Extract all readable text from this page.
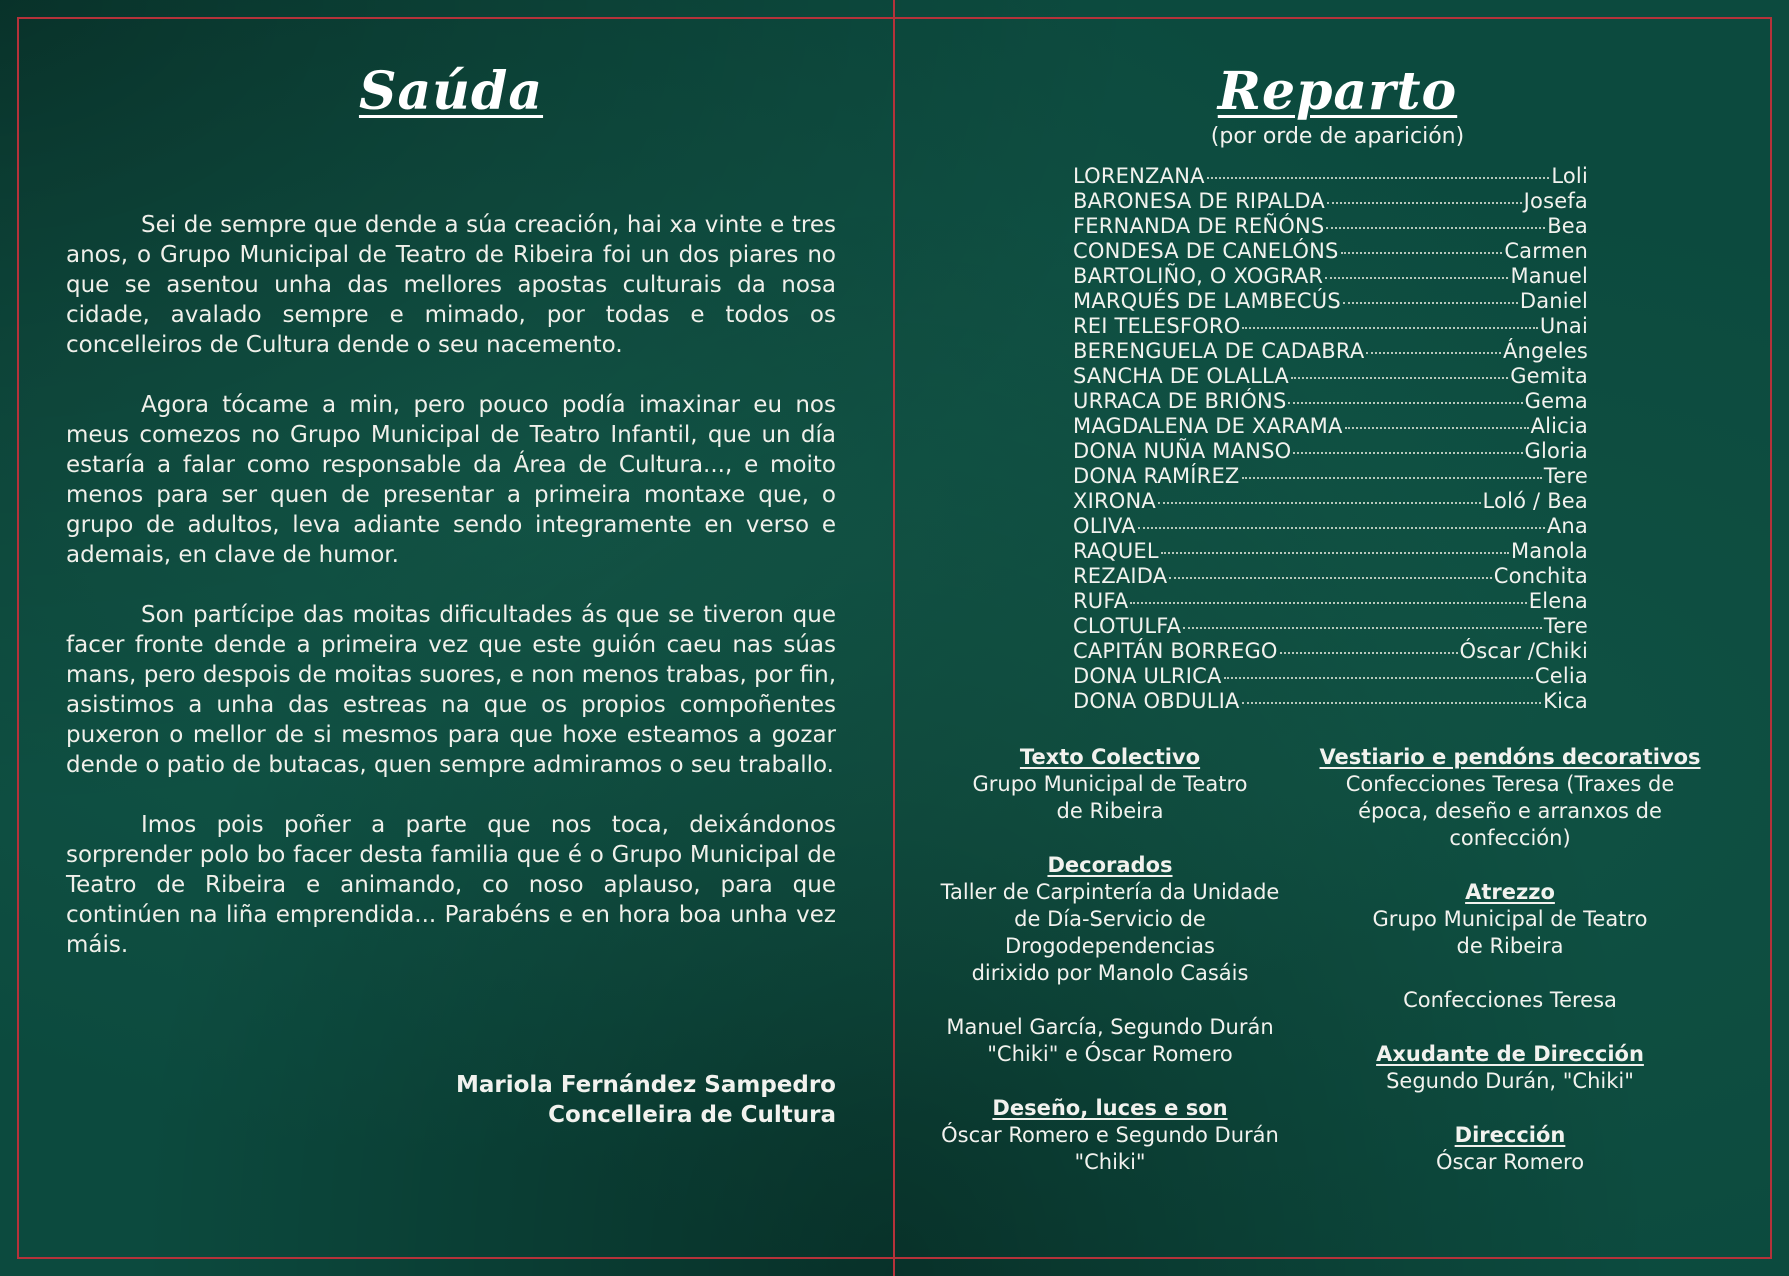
Saúda

Sei de sempre que dende a súa creación, hai xa vinte e tres anos, o Grupo Municipal de Teatro de Ribeira foi un dos piares no que se asentou unha das mellores apostas culturais da nosa cidade, avalado sempre e mimado, por todas e todos os concelleiros de Cultura dende o seu nacemento.

Agora tócame a min, pero pouco podía imaxinar eu nos meus comezos no Grupo Municipal de Teatro Infantil, que un día estaría a falar como responsable da Área de Cultura..., e moito menos para ser quen de presentar a primeira montaxe que, o grupo de adultos, leva adiante sendo integramente en verso e ademais, en clave de humor.

Son partícipe das moitas dificultades ás que se tiveron que facer fronte dende a primeira vez que este guión caeu nas súas mans, pero despois de moitas suores, e non menos trabas, por fin, asistimos a unha das estreas na que os propios compoñentes puxeron o mellor de si mesmos para que hoxe esteamos a gozar dende o patio de butacas, quen sempre admiramos o seu traballo.

Imos pois poñer a parte que nos toca, deixándonos sorprender polo bo facer desta familia que é o Grupo Municipal de Teatro de Ribeira e animando, co noso aplauso, para que continúen na liña emprendida... Parabéns e en hora boa unha vez máis.

Mariola Fernández Sampedro
Concelleira de Cultura
Reparto
(por orde de aparición)
LORENZANA	Loli
BARONESA DE RIPALDA	Josefa
FERNANDA DE REÑÓNS	Bea
CONDESA DE CANELÓNS	Carmen
BARTOLIÑO, O XOGRAR	Manuel
MARQUÉS DE LAMBECÚS	Daniel
REI TELESFORO	Unai
BERENGUELA DE CADABRA	Ángeles
SANCHA DE OLALLA	Gemita
URRACA DE BRIÓNS	Gema
MAGDALENA DE XARAMA	Alicia
DONA NUÑA MANSO	Gloria
DONA RAMÍREZ	Tere
XIRONA	Loló / Bea
OLIVA	Ana
RAQUEL	Manola
REZAIDA	Conchita
RUFA	Elena
CLOTULFA	Tere
CAPITÁN BORREGO	Óscar /Chiki
DONA ULRICA	Celia
DONA OBDULIA	Kica
Texto Colectivo
Grupo Municipal de Teatro
de Ribeira
Decorados
Taller de Carpintería da Unidade
de Día-Servicio de
Drogodependencias
dirixido por Manolo Casáis
Manuel García, Segundo Durán
"Chiki" e Óscar Romero
Deseño, luces e son
Óscar Romero e Segundo Durán
"Chiki"
Vestiario e pendóns decorativos
Confecciones Teresa (Traxes de
época, deseño e arranxos de
confección)
Atrezzo
Grupo Municipal de Teatro
de Ribeira
Confecciones Teresa
Axudante de Dirección
Segundo Durán, "Chiki"
Dirección
Óscar Romero
